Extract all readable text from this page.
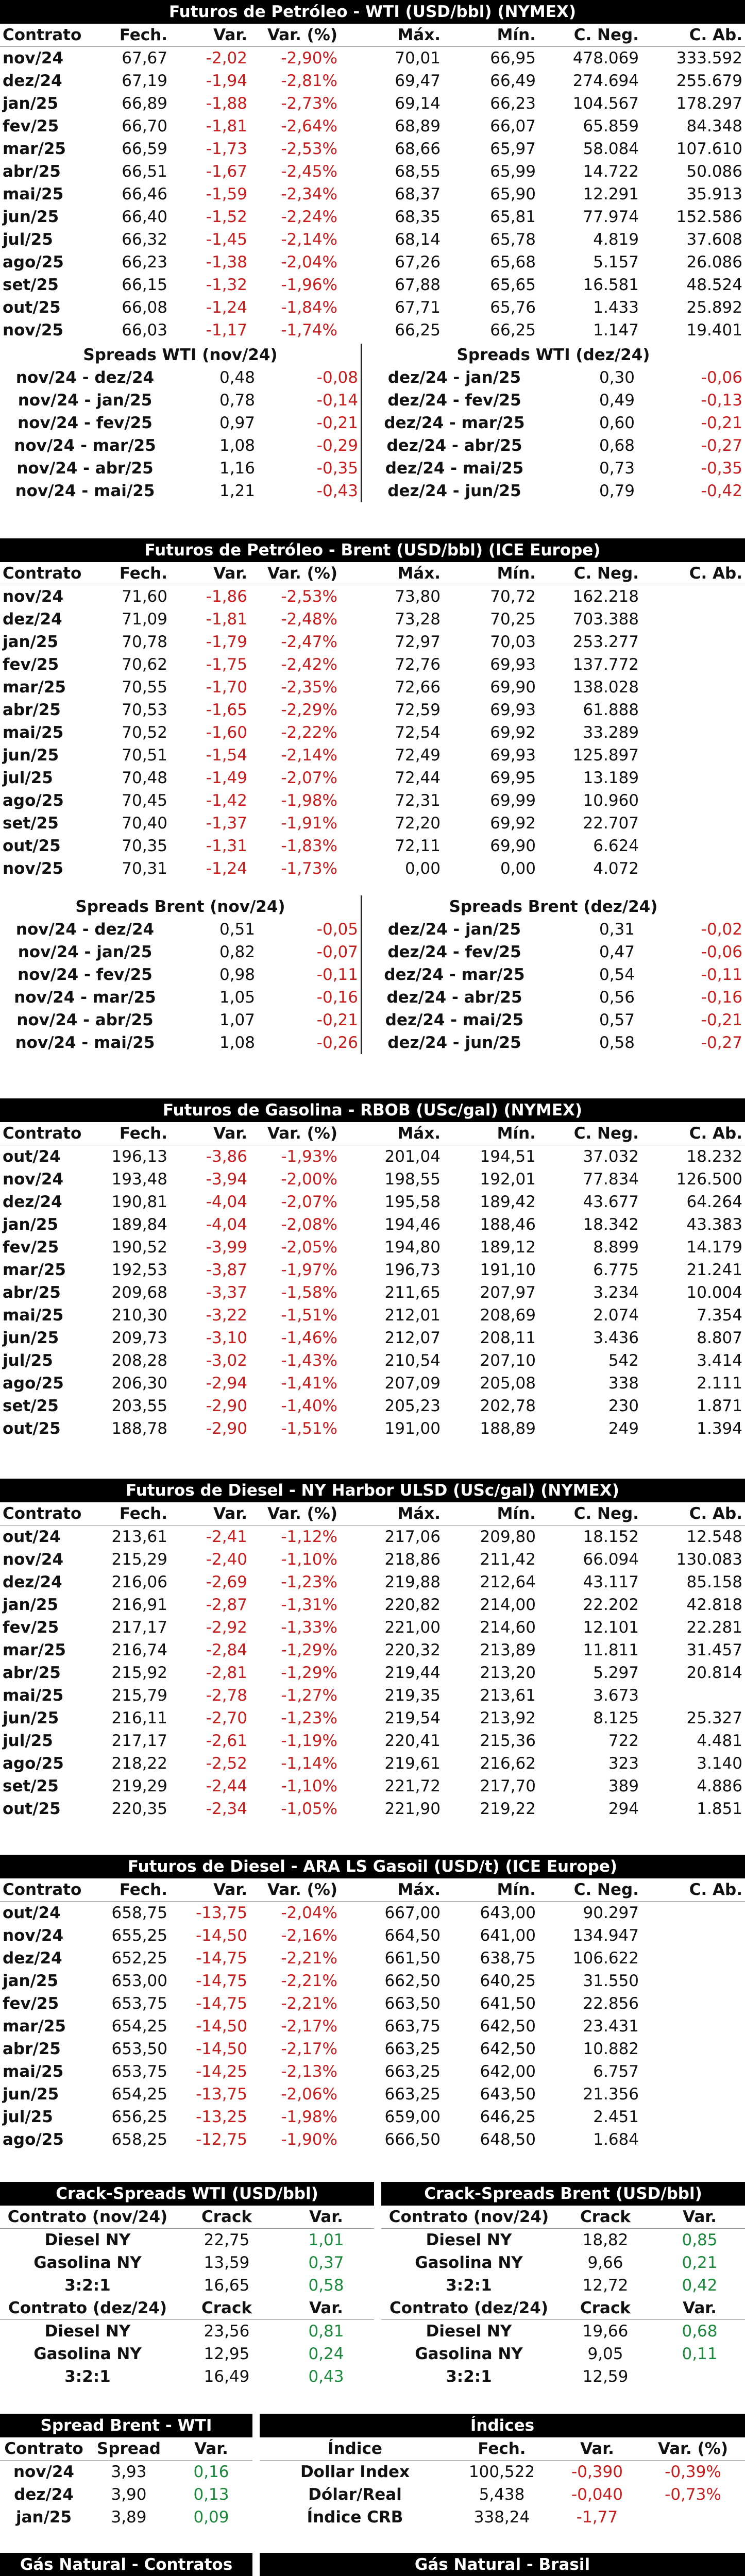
Futuros de Petróleo - WTI (USD/bbl) (NYMEX)
Contrato	Fech.	Var.	Var. (%)	Máx.	Mín.	C. Neg.	C. Ab.
nov/24	67,67	-2,02	-2,90%	70,01	66,95	478.069	333.592
dez/24	67,19	-1,94	-2,81%	69,47	66,49	274.694	255.679
jan/25	66,89	-1,88	-2,73%	69,14	66,23	104.567	178.297
fev/25	66,70	-1,81	-2,64%	68,89	66,07	65.859	84.348
mar/25	66,59	-1,73	-2,53%	68,66	65,97	58.084	107.610
abr/25	66,51	-1,67	-2,45%	68,55	65,99	14.722	50.086
mai/25	66,46	-1,59	-2,34%	68,37	65,90	12.291	35.913
jun/25	66,40	-1,52	-2,24%	68,35	65,81	77.974	152.586
jul/25	66,32	-1,45	-2,14%	68,14	65,78	4.819	37.608
ago/25	66,23	-1,38	-2,04%	67,26	65,68	5.157	26.086
set/25	66,15	-1,32	-1,96%	67,88	65,65	16.581	48.524
out/25	66,08	-1,24	-1,84%	67,71	65,76	1.433	25.892
nov/25	66,03	-1,17	-1,74%	66,25	66,25	1.147	19.401
Spreads WTI (nov/24)
nov/24 - dez/24	0,48	-0,08
nov/24 - jan/25	0,78	-0,14
nov/24 - fev/25	0,97	-0,21
nov/24 - mar/25	1,08	-0,29
nov/24 - abr/25	1,16	-0,35
nov/24 - mai/25	1,21	-0,43
Spreads WTI (dez/24)
dez/24 - jan/25	0,30	-0,06
dez/24 - fev/25	0,49	-0,13
dez/24 - mar/25	0,60	-0,21
dez/24 - abr/25	0,68	-0,27
dez/24 - mai/25	0,73	-0,35
dez/24 - jun/25	0,79	-0,42
Futuros de Petróleo - Brent (USD/bbl) (ICE Europe)
Contrato	Fech.	Var.	Var. (%)	Máx.	Mín.	C. Neg.	C. Ab.
nov/24	71,60	-1,86	-2,53%	73,80	70,72	162.218	
dez/24	71,09	-1,81	-2,48%	73,28	70,25	703.388	
jan/25	70,78	-1,79	-2,47%	72,97	70,03	253.277	
fev/25	70,62	-1,75	-2,42%	72,76	69,93	137.772	
mar/25	70,55	-1,70	-2,35%	72,66	69,90	138.028	
abr/25	70,53	-1,65	-2,29%	72,59	69,93	61.888	
mai/25	70,52	-1,60	-2,22%	72,54	69,92	33.289	
jun/25	70,51	-1,54	-2,14%	72,49	69,93	125.897	
jul/25	70,48	-1,49	-2,07%	72,44	69,95	13.189	
ago/25	70,45	-1,42	-1,98%	72,31	69,99	10.960	
set/25	70,40	-1,37	-1,91%	72,20	69,92	22.707	
out/25	70,35	-1,31	-1,83%	72,11	69,90	6.624	
nov/25	70,31	-1,24	-1,73%	0,00	0,00	4.072	
Spreads Brent (nov/24)
nov/24 - dez/24	0,51	-0,05
nov/24 - jan/25	0,82	-0,07
nov/24 - fev/25	0,98	-0,11
nov/24 - mar/25	1,05	-0,16
nov/24 - abr/25	1,07	-0,21
nov/24 - mai/25	1,08	-0,26
Spreads Brent (dez/24)
dez/24 - jan/25	0,31	-0,02
dez/24 - fev/25	0,47	-0,06
dez/24 - mar/25	0,54	-0,11
dez/24 - abr/25	0,56	-0,16
dez/24 - mai/25	0,57	-0,21
dez/24 - jun/25	0,58	-0,27
Futuros de Gasolina - RBOB (USc/gal) (NYMEX)
Contrato	Fech.	Var.	Var. (%)	Máx.	Mín.	C. Neg.	C. Ab.
out/24	196,13	-3,86	-1,93%	201,04	194,51	37.032	18.232
nov/24	193,48	-3,94	-2,00%	198,55	192,01	77.834	126.500
dez/24	190,81	-4,04	-2,07%	195,58	189,42	43.677	64.264
jan/25	189,84	-4,04	-2,08%	194,46	188,46	18.342	43.383
fev/25	190,52	-3,99	-2,05%	194,80	189,12	8.899	14.179
mar/25	192,53	-3,87	-1,97%	196,73	191,10	6.775	21.241
abr/25	209,68	-3,37	-1,58%	211,65	207,97	3.234	10.004
mai/25	210,30	-3,22	-1,51%	212,01	208,69	2.074	7.354
jun/25	209,73	-3,10	-1,46%	212,07	208,11	3.436	8.807
jul/25	208,28	-3,02	-1,43%	210,54	207,10	542	3.414
ago/25	206,30	-2,94	-1,41%	207,09	205,08	338	2.111
set/25	203,55	-2,90	-1,40%	205,23	202,78	230	1.871
out/25	188,78	-2,90	-1,51%	191,00	188,89	249	1.394
Futuros de Diesel - NY Harbor ULSD (USc/gal) (NYMEX)
Contrato	Fech.	Var.	Var. (%)	Máx.	Mín.	C. Neg.	C. Ab.
out/24	213,61	-2,41	-1,12%	217,06	209,80	18.152	12.548
nov/24	215,29	-2,40	-1,10%	218,86	211,42	66.094	130.083
dez/24	216,06	-2,69	-1,23%	219,88	212,64	43.117	85.158
jan/25	216,91	-2,87	-1,31%	220,82	214,00	22.202	42.818
fev/25	217,17	-2,92	-1,33%	221,00	214,60	12.101	22.281
mar/25	216,74	-2,84	-1,29%	220,32	213,89	11.811	31.457
abr/25	215,92	-2,81	-1,29%	219,44	213,20	5.297	20.814
mai/25	215,79	-2,78	-1,27%	219,35	213,61	3.673	
jun/25	216,11	-2,70	-1,23%	219,54	213,92	8.125	25.327
jul/25	217,17	-2,61	-1,19%	220,41	215,36	722	4.481
ago/25	218,22	-2,52	-1,14%	219,61	216,62	323	3.140
set/25	219,29	-2,44	-1,10%	221,72	217,70	389	4.886
out/25	220,35	-2,34	-1,05%	221,90	219,22	294	1.851
Futuros de Diesel - ARA LS Gasoil (USD/t) (ICE Europe)
Contrato	Fech.	Var.	Var. (%)	Máx.	Mín.	C. Neg.	C. Ab.
out/24	658,75	-13,75	-2,04%	667,00	643,00	90.297	
nov/24	655,25	-14,50	-2,16%	664,50	641,00	134.947	
dez/24	652,25	-14,75	-2,21%	661,50	638,75	106.622	
jan/25	653,00	-14,75	-2,21%	662,50	640,25	31.550	
fev/25	653,75	-14,75	-2,21%	663,50	641,50	22.856	
mar/25	654,25	-14,50	-2,17%	663,75	642,50	23.431	
abr/25	653,50	-14,50	-2,17%	663,25	642,50	10.882	
mai/25	653,75	-14,25	-2,13%	663,25	642,00	6.757	
jun/25	654,25	-13,75	-2,06%	663,25	643,50	21.356	
jul/25	656,25	-13,25	-1,98%	659,00	646,25	2.451	
ago/25	658,25	-12,75	-1,90%	666,50	648,50	1.684	
Crack-Spreads WTI (USD/bbl)
Contrato (nov/24)	Crack	Var.
Diesel NY	22,75	1,01
Gasolina NY	13,59	0,37
3:2:1	16,65	0,58
Contrato (dez/24)	Crack	Var.
Diesel NY	23,56	0,81
Gasolina NY	12,95	0,24
3:2:1	16,49	0,43
Crack-Spreads Brent (USD/bbl)
Contrato (nov/24)	Crack	Var.
Diesel NY	18,82	0,85
Gasolina NY	9,66	0,21
3:2:1	12,72	0,42
Contrato (dez/24)	Crack	Var.
Diesel NY	19,66	0,68
Gasolina NY	9,05	0,11
3:2:1	12,59	
Spread Brent - WTI
Contrato	Spread	Var.
nov/24	3,93	0,16
dez/24	3,90	0,13
jan/25	3,89	0,09
Índices
Índice	Fech.	Var.	Var. (%)
Dollar Index	100,522	-0,390	-0,39%
Dólar/Real	5,438	-0,040	-0,73%
Índice CRB	338,24	-1,77	
Gás Natural - Contratos

			Gás Natural - Brasil
